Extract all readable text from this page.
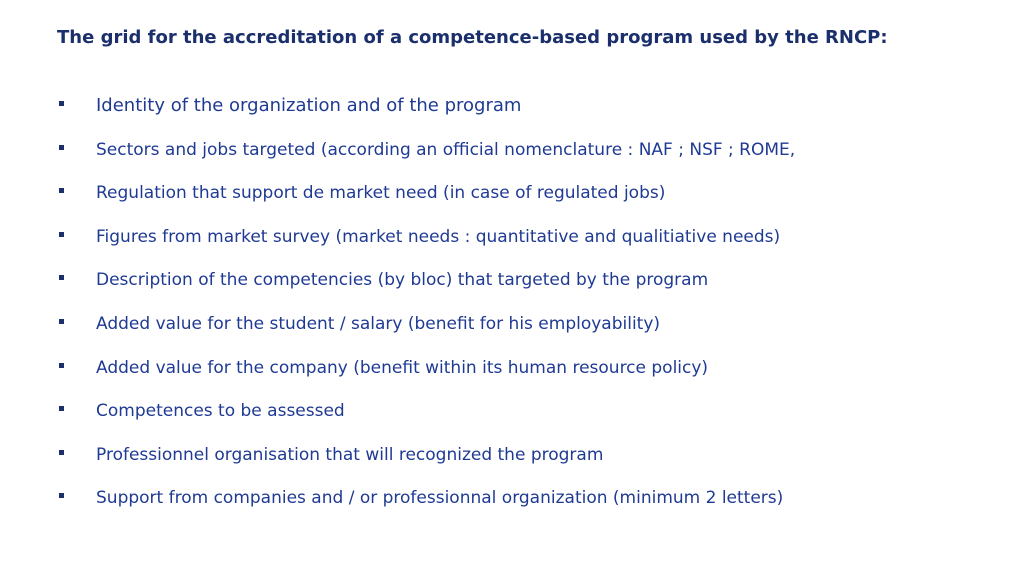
The grid for the accreditation of a competence-based program used by the RNCP:
Identity of the organization and of the program
Sectors and jobs targeted (according an official nomenclature : NAF ; NSF ; ROME,
Regulation that support de market need (in case of regulated jobs)
Figures from market survey (market needs : quantitative and qualitiative needs)
Description of the competencies (by bloc) that targeted by the program
Added value for the student / salary (benefit for his employability)
Added value for the company (benefit within its human resource policy)
Competences to be assessed
Professionnel organisation that will recognized the program
Support from companies and / or professionnal organization (minimum 2 letters)
